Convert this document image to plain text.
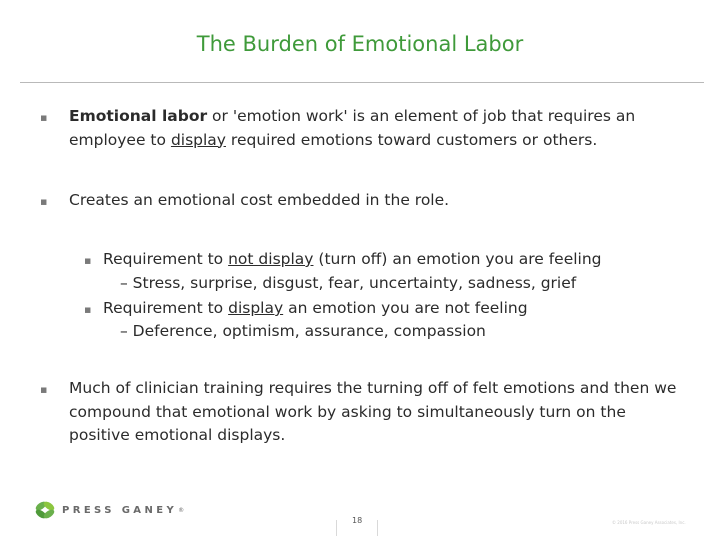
The Burden of Emotional Labor
▪ Emotional labor or 'emotion work' is an element of job that requires an employee to display required emotions toward customers or others.
▪ Creates an emotional cost embedded in the role.
▪ Requirement to not display (turn off) an emotion you are feeling
– Stress, surprise, disgust, fear, uncertainty, sadness, grief
▪ Requirement to display an emotion you are not feeling
– Deference, optimism, assurance, compassion
▪ Much of clinician training requires the turning off of felt emotions and then we compound that emotional work by asking to simultaneously turn on the positive emotional displays.
PRESS GANEY ®
18	© 2016 Press Ganey Associates, Inc.
